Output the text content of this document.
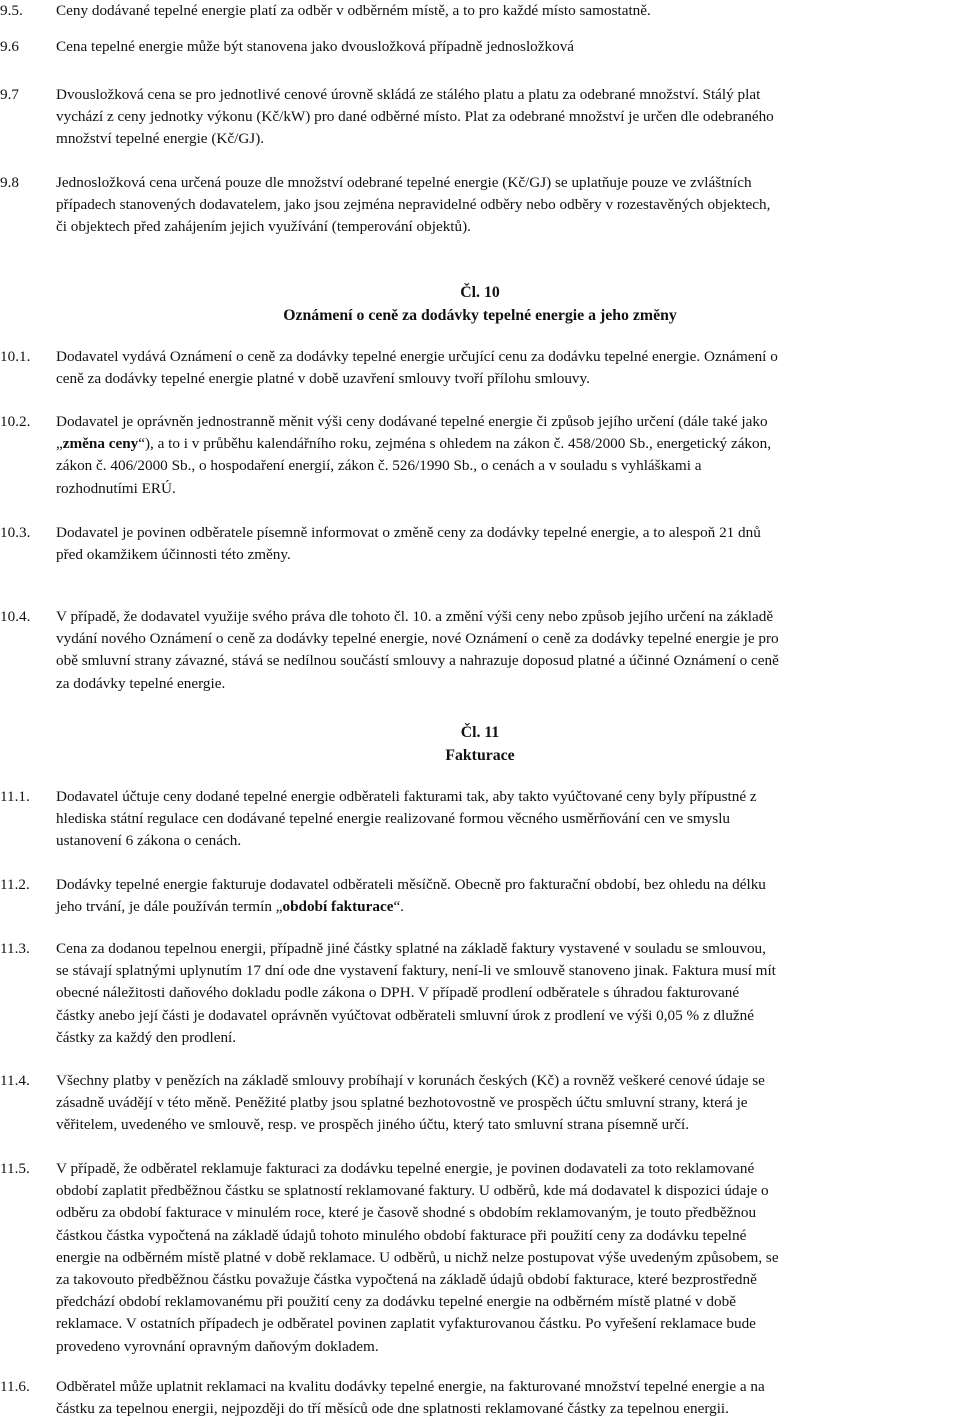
9.5.	Ceny dodávané tepelné energie platí za odběr v odběrném místě, a to pro každé místo samostatně.
9.6	Cena tepelné energie může být stanovena jako dvousložková případně jednosložková
9.7	Dvousložková cena se pro jednotlivé cenové úrovně skládá ze stálého platu a platu za odebrané množství. Stálý plat
vychází z ceny jednotky výkonu (Kč/kW) pro dané odběrné místo. Plat za odebrané množství je určen dle odebraného
množství tepelné energie (Kč/GJ).
9.8	Jednosložková cena určená pouze dle množství odebrané tepelné energie (Kč/GJ) se uplatňuje pouze ve zvláštních
případech stanovených dodavatelem, jako jsou zejména nepravidelné odběry nebo odběry v rozestavěných objektech,
či objektech před zahájením jejich využívání (temperování objektů).
Čl. 10
Oznámení o ceně za dodávky tepelné energie a jeho změny
10.1.	Dodavatel vydává Oznámení o ceně za dodávky tepelné energie určující cenu za dodávku tepelné energie. Oznámení o
ceně za dodávky tepelné energie platné v době uzavření smlouvy tvoří přílohu smlouvy.
10.2.	Dodavatel je oprávněn jednostranně měnit výši ceny dodávané tepelné energie či způsob jejího určení (dále také jako
„změna ceny“), a to i v průběhu kalendářního roku, zejména s ohledem na zákon č. 458/2000 Sb., energetický zákon,
zákon č. 406/2000 Sb., o hospodaření energií, zákon č. 526/1990 Sb., o cenách a v souladu s vyhláškami a
rozhodnutími ERÚ.
10.3.	Dodavatel je povinen odběratele písemně informovat o změně ceny za dodávky tepelné energie, a to alespoň 21 dnů
před okamžikem účinnosti této změny.
10.4.	V případě, že dodavatel využije svého práva dle tohoto čl. 10. a změní výši ceny nebo způsob jejího určení na základě
vydání nového Oznámení o ceně za dodávky tepelné energie, nové Oznámení o ceně za dodávky tepelné energie je pro
obě smluvní strany závazné, stává se nedílnou součástí smlouvy a nahrazuje doposud platné a účinné Oznámení o ceně
za dodávky tepelné energie.
Čl. 11
Fakturace
11.1.	Dodavatel účtuje ceny dodané tepelné energie odběrateli fakturami tak, aby takto vyúčtované ceny byly přípustné z
hlediska státní regulace cen dodávané tepelné energie realizované formou věcného usměrňování cen ve smyslu
ustanovení 6 zákona o cenách.
11.2.	Dodávky tepelné energie fakturuje dodavatel odběrateli měsíčně. Obecně pro fakturační období, bez ohledu na délku
jeho trvání, je dále používán termín „období fakturace“.
11.3.	Cena za dodanou tepelnou energii, případně jiné částky splatné na základě faktury vystavené v souladu se smlouvou,
se stávají splatnými uplynutím 17 dní ode dne vystavení faktury, není-li ve smlouvě stanoveno jinak. Faktura musí mít
obecné náležitosti daňového dokladu podle zákona o DPH. V případě prodlení odběratele s úhradou fakturované
částky anebo její části je dodavatel oprávněn vyúčtovat odběrateli smluvní úrok z prodlení ve výši 0,05 % z dlužné
částky za každý den prodlení.
11.4.	Všechny platby v penězích na základě smlouvy probíhají v korunách českých (Kč) a rovněž veškeré cenové údaje se
zásadně uvádějí v této měně. Peněžité platby jsou splatné bezhotovostně ve prospěch účtu smluvní strany, která je
věřitelem, uvedeného ve smlouvě, resp. ve prospěch jiného účtu, který tato smluvní strana písemně určí.
11.5.	V případě, že odběratel reklamuje fakturaci za dodávku tepelné energie, je povinen dodavateli za toto reklamované
období zaplatit předběžnou částku se splatností reklamované faktury. U odběrů, kde má dodavatel k dispozici údaje o
odběru za období fakturace v minulém roce, které je časově shodné s obdobím reklamovaným, je touto předběžnou
částkou částka vypočtená na základě údajů tohoto minulého období fakturace při použití ceny za dodávku tepelné
energie na odběrném místě platné v době reklamace. U odběrů, u nichž nelze postupovat výše uvedeným způsobem, se
za takovouto předběžnou částku považuje částka vypočtená na základě údajů období fakturace, které bezprostředně
předchází období reklamovanému při použití ceny za dodávku tepelné energie na odběrném místě platné v době
reklamace. V ostatních případech je odběratel povinen zaplatit vyfakturovanou částku. Po vyřešení reklamace bude
provedeno vyrovnání opravným daňovým dokladem.
11.6.	Odběratel může uplatnit reklamaci na kvalitu dodávky tepelné energie, na fakturované množství tepelné energie a na
částku za tepelnou energii, nejpozději do tří měsíců ode dne splatnosti reklamované částky za tepelnou energii.
